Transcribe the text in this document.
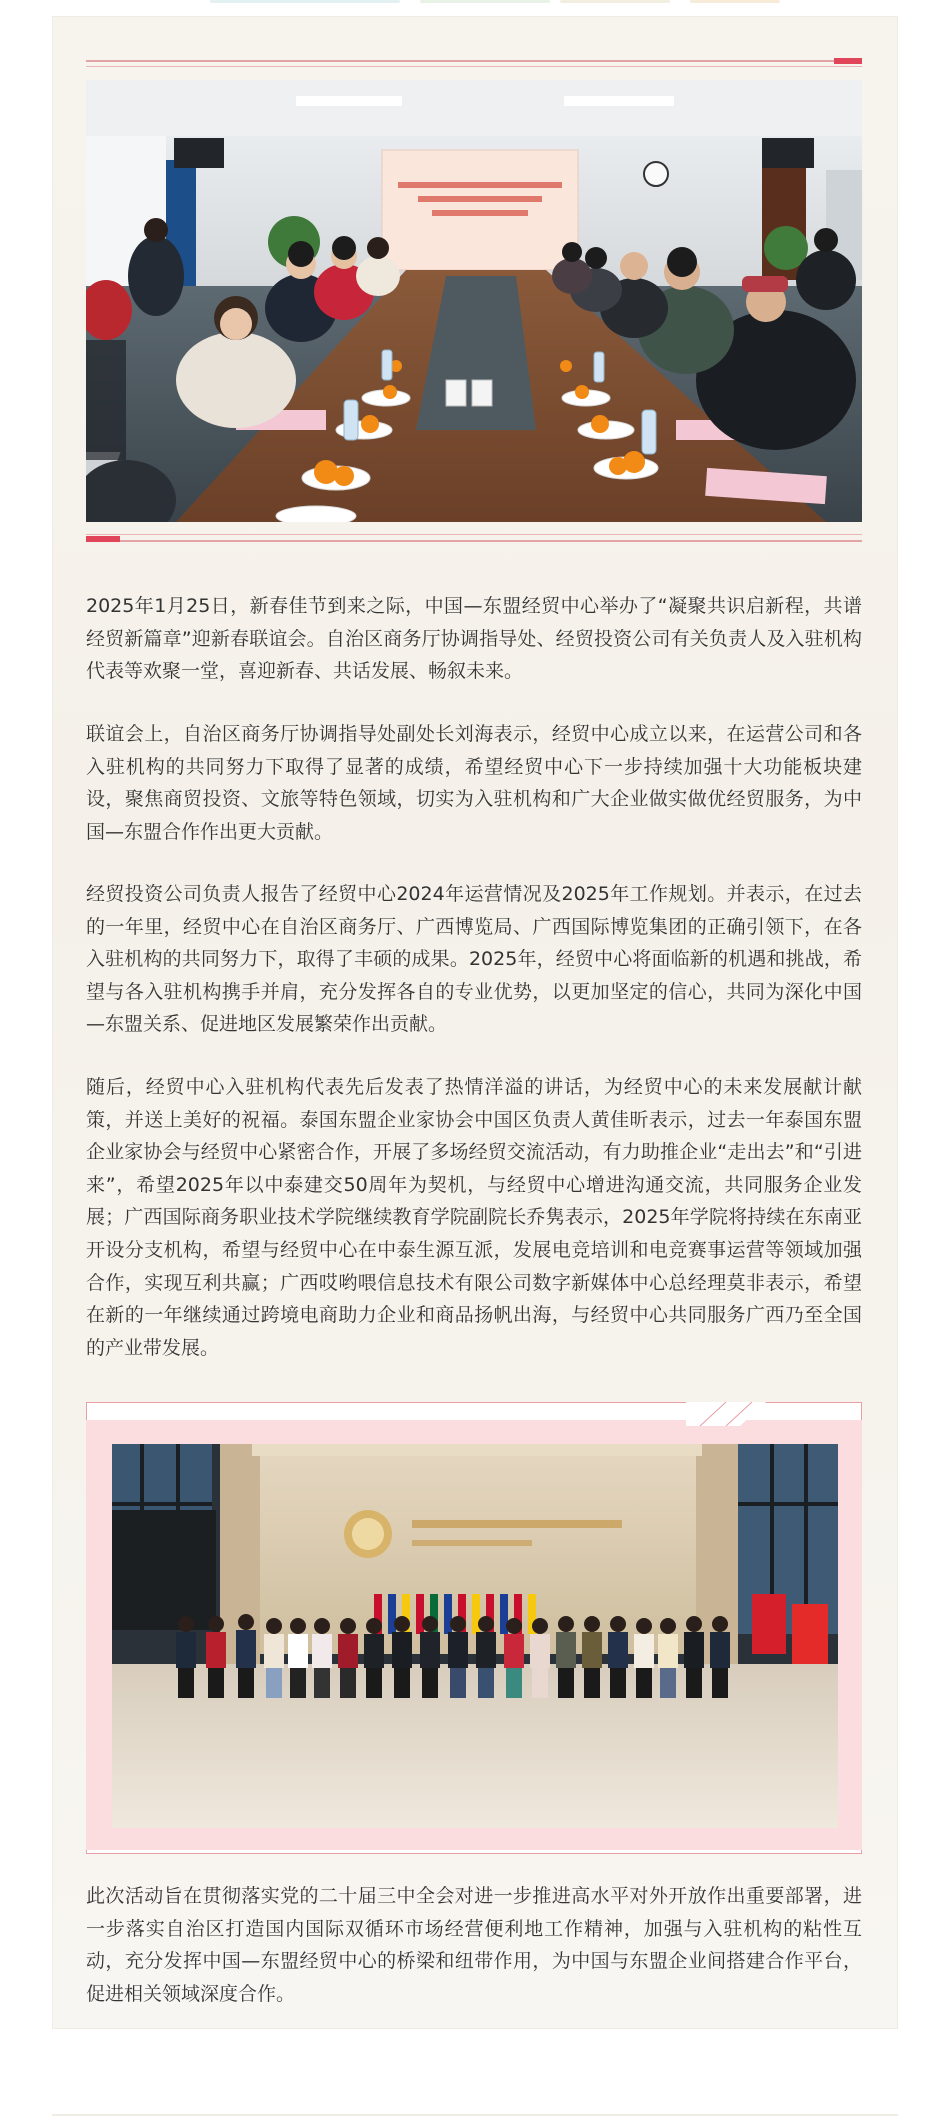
2025年1月25日，新春佳节到来之际，中国—东盟经贸中心举办了“凝聚共识启新程，共谱经贸新篇章”迎新春联谊会。自治区商务厅协调指导处、经贸投资公司有关负责人及入驻机构代表等欢聚一堂，喜迎新春、共话发展、畅叙未来。

联谊会上，自治区商务厅协调指导处副处长刘海表示，经贸中心成立以来，在运营公司和各入驻机构的共同努力下取得了显著的成绩，希望经贸中心下一步持续加强十大功能板块建设，聚焦商贸投资、文旅等特色领域，切实为入驻机构和广大企业做实做优经贸服务，为中国—东盟合作作出更大贡献。

经贸投资公司负责人报告了经贸中心2024年运营情况及2025年工作规划。并表示，在过去的一年里，经贸中心在自治区商务厅、广西博览局、广西国际博览集团的正确引领下，在各入驻机构的共同努力下，取得了丰硕的成果。2025年，经贸中心将面临新的机遇和挑战，希望与各入驻机构携手并肩，充分发挥各自的专业优势，以更加坚定的信心，共同为深化中国—东盟关系、促进地区发展繁荣作出贡献。

随后，经贸中心入驻机构代表先后发表了热情洋溢的讲话，为经贸中心的未来发展献计献策，并送上美好的祝福。泰国东盟企业家协会中国区负责人黄佳昕表示，过去一年泰国东盟企业家协会与经贸中心紧密合作，开展了多场经贸交流活动，有力助推企业“走出去”和“引进来”，希望2025年以中泰建交50周年为契机，与经贸中心增进沟通交流，共同服务企业发展；广西国际商务职业技术学院继续教育学院副院长乔隽表示，2025年学院将持续在东南亚开设分支机构，希望与经贸中心在中泰生源互派，发展电竞培训和电竞赛事运营等领域加强合作，实现互利共赢；广西哎哟喂信息技术有限公司数字新媒体中心总经理莫非表示，希望在新的一年继续通过跨境电商助力企业和商品扬帆出海，与经贸中心共同服务广西乃至全国的产业带发展。

此次活动旨在贯彻落实党的二十届三中全会对进一步推进高水平对外开放作出重要部署，进一步落实自治区打造国内国际双循环市场经营便利地工作精神，加强与入驻机构的粘性互动，充分发挥中国—东盟经贸中心的桥梁和纽带作用，为中国与东盟企业间搭建合作平台，促进相关领域深度合作。
